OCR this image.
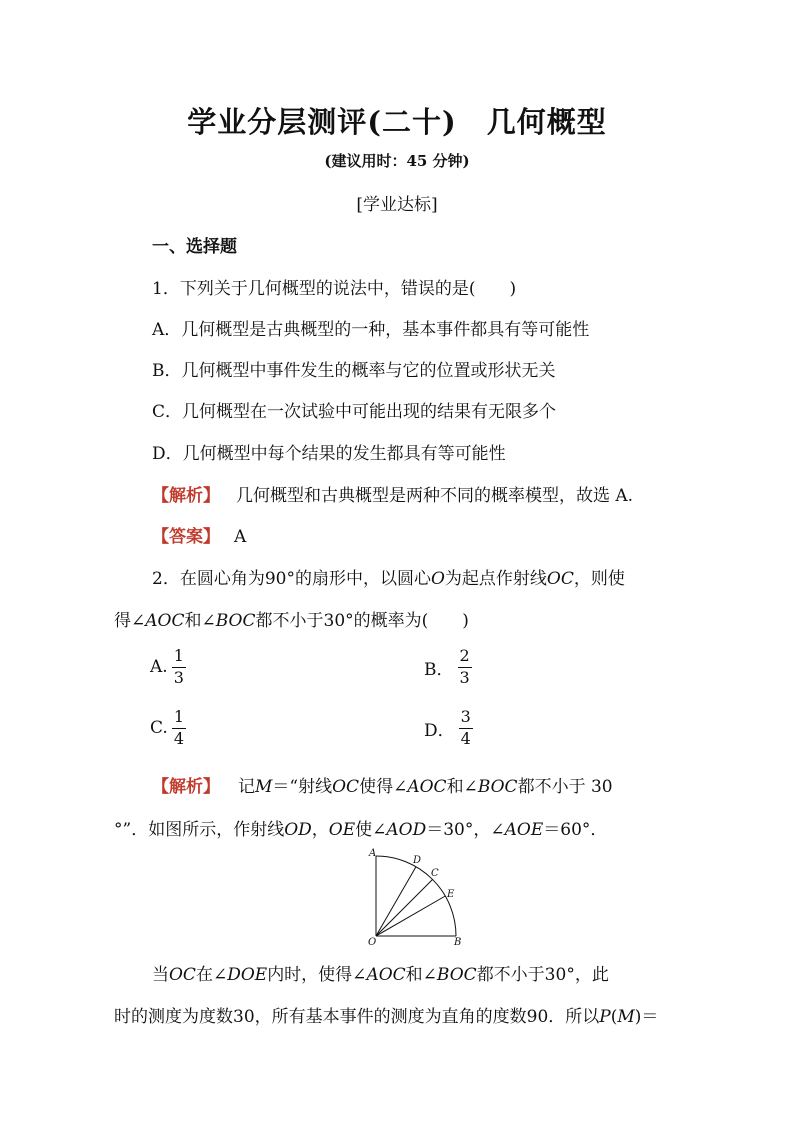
学业分层测评(二十)　几何概型
(建议用时：45 分钟)
[学业达标]
一、选择题
1．下列关于几何概型的说法中，错误的是(　　)
A．几何概型是古典概型的一种，基本事件都具有等可能性
B．几何概型中事件发生的概率与它的位置或形状无关
C．几何概型在一次试验中可能出现的结果有无限多个
D．几何概型中每个结果的发生都具有等可能性
【解析】 几何概型和古典概型是两种不同的概率模型，故选 A.
【答案】 A
2．在圆心角为90°的扇形中，以圆心O为起点作射线OC，则使
得∠AOC和∠BOC都不小于30°的概率为(　　)
A. $\frac{1}{3}$	B． $\frac{2}{3}$
C. $\frac{1}{4}$	D． $\frac{3}{4}$
【解析】 记M＝“射线OC使得∠AOC和∠BOC都不小于 30
°”．如图所示，作射线OD，OE使∠AOD＝30°，∠AOE＝60°．
A
D
C
E
O	B
当OC在∠DOE内时，使得∠AOC和∠BOC都不小于30°，此
时的测度为度数30，所有基本事件的测度为直角的度数90．所以P(M)＝
